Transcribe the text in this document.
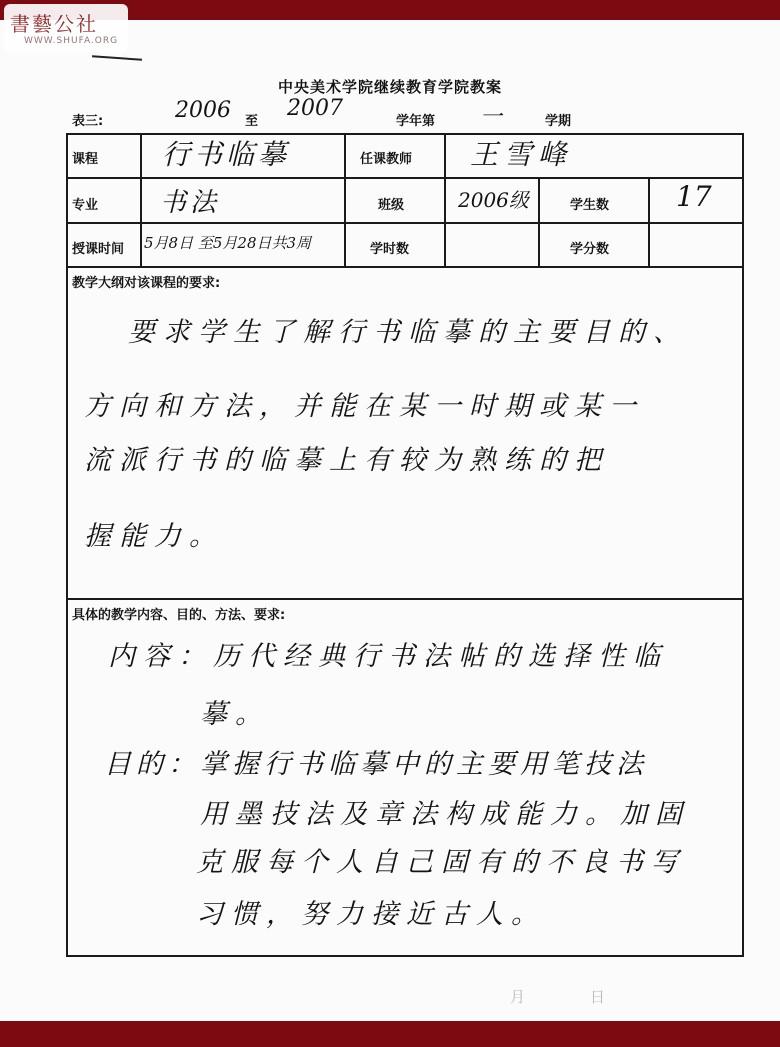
中央美术学院继续教育学院教案
表三:	2006 至
2007
学年第 一	学期
课程 行书临摹	任课教师 王雪峰
专业 书法	班级	2006级	学生数 17
授课时间 5月8日 至5月28日共3周	学时数	学分数
教学大纲对该课程的要求:
要求学生了解行书临摹的主要目的、
方向和方法，并能在某一时期或某一
流派行书的临摹上有较为熟练的把
握能力。
具体的教学内容、目的、方法、要求:
内容：历代经典行书法帖的选择性临
摹。
目的：掌握行书临摹中的主要用笔技法
用墨技法及章法构成能力。加固
克服每个人自己固有的不良书写
习惯，努力接近古人。
月	日
書藝公社
WWW.SHUFA.ORG
